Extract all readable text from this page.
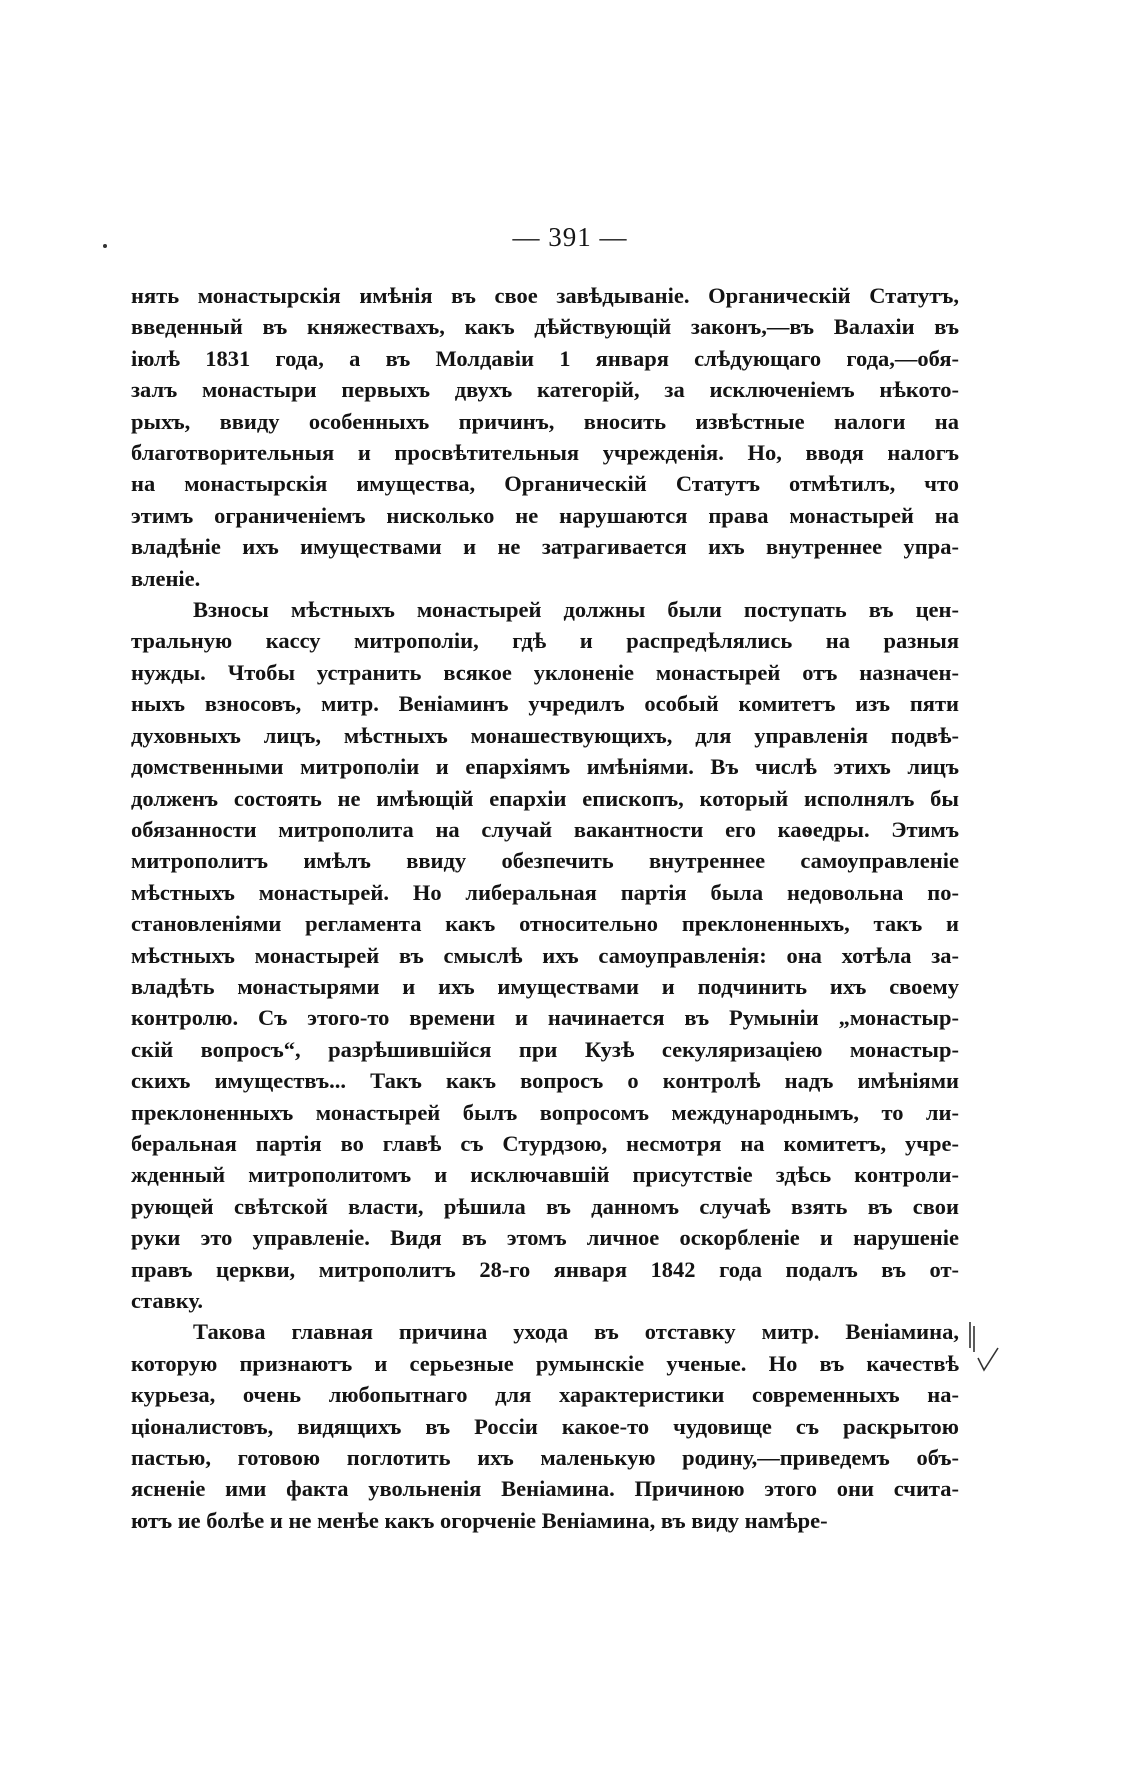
— 391 —
нять монастырскія имѣнія въ свое завѣдываніе. Органическій Статутъ,
введенный въ княжествахъ, какъ дѣйствующій законъ,—въ Валахіи въ
іюлѣ 1831 года, а въ Молдавіи 1 января слѣдующаго года,—обя-
залъ монастыри первыхъ двухъ категорій, за исключеніемъ нѣкото-
рыхъ, ввиду особенныхъ причинъ, вносить извѣстные налоги на
благотворительныя и просвѣтительныя учрежденія. Но, вводя налогъ
на монастырскія имущества, Органическій Статутъ отмѣтилъ, что
этимъ ограниченіемъ нисколько не нарушаются права монастырей на
владѣніе ихъ имуществами и не затрагивается ихъ внутреннее упра-
вленіе.
Взносы мѣстныхъ монастырей должны были поступать въ цен-
тральную кассу митрополіи, гдѣ и распредѣлялись на разныя
нужды. Чтобы устранить всякое уклоненіе монастырей отъ назначен-
ныхъ взносовъ, митр. Веніаминъ учредилъ особый комитетъ изъ пяти
духовныхъ лицъ, мѣстныхъ монашествующихъ, для управленія подвѣ-
домственными митрополіи и епархіямъ имѣніями. Въ числѣ этихъ лицъ
долженъ состоять не имѣющій епархіи епископъ, который исполнялъ бы
обязанности митрополита на случай вакантности его каѳедры. Этимъ
митрополитъ имѣлъ ввиду обезпечить внутреннее самоуправленіе
мѣстныхъ монастырей. Но либеральная партія была недовольна по-
становленіями регламента какъ относительно преклоненныхъ, такъ и
мѣстныхъ монастырей въ смыслѣ ихъ самоуправленія: она хотѣла за-
владѣть монастырями и ихъ имуществами и подчинить ихъ своему
контролю. Съ этого-то времени и начинается въ Румыніи „монастыр-
скій вопросъ“, разрѣшившійся при Кузѣ секуляризаціею монастыр-
скихъ имуществъ... Такъ какъ вопросъ о контролѣ надъ имѣніями
преклоненныхъ монастырей былъ вопросомъ международнымъ, то ли-
беральная партія во главѣ съ Стурдзою, несмотря на комитетъ, учре-
жденный митрополитомъ и исключавшій присутствіе здѣсь контроли-
рующей свѣтской власти, рѣшила въ данномъ случаѣ взять въ свои
руки это управленіе. Видя въ этомъ личное оскорбленіе и нарушеніе
правъ церкви, митрополитъ 28-го января 1842 года подалъ въ от-
ставку.
Такова главная причина ухода въ отставку митр. Веніамина,
которую признаютъ и серьезные румынскіе ученые. Но въ качествѣ
курьеза, очень любопытнаго для характеристики современныхъ на-
ціоналистовъ, видящихъ въ Россіи какое-то чудовище съ раскрытою
пастью, готовою поглотить ихъ маленькую родину,—приведемъ объ-
ясненіе ими факта увольненія Веніамина. Причиною этого они счита-
ютъ ие болѣе и не менѣе какъ огорченіе Веніамина, въ виду намѣре-
